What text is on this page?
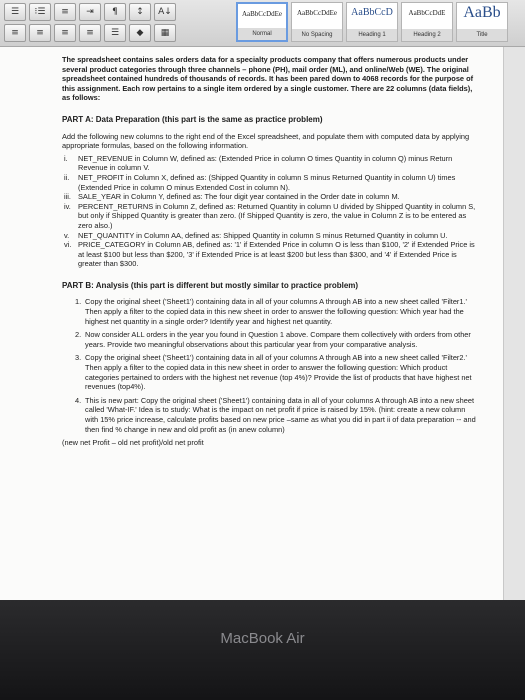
☰	⁝☰	≡	⇥	¶	↕	A↓
≡	≡	≡	≡	☰	◆	▦
AaBbCcDdEe
Normal
AaBbCcDdEe
No Spacing
AaBbCcD
Heading 1
AaBbCcDdE
Heading 2
AaBb
Title

The spreadsheet contains sales orders data for a specialty products company that offers numerous products under several product categories through three channels – phone (PH), mail order (ML), and online/Web (WE). The original spreadsheet contained hundreds of thousands of records. It has been pared down to 4068 records for the purpose of this assignment. Each row pertains to a single item ordered by a single customer. There are 22 columns (data fields), as follows:

PART A: Data Preparation (this part is the same as practice problem)

Add the following new columns to the right end of the Excel spreadsheet, and populate them with computed data by applying appropriate formulas, based on the following information.

i. NET_REVENUE in Column W, defined as: (Extended Price in column O times Quantity in column Q) minus Return Revenue in column V.
ii. NET_PROFIT in Column X, defined as: (Shipped Quantity in column S minus Returned Quantity in column U) times (Extended Price in column O minus Extended Cost in column N).
iii. SALE_YEAR in Column Y, defined as: The four digit year contained in the Order date in column M.
iv. PERCENT_RETURNS in Column Z, defined as: Returned Quantity in column U divided by Shipped Quantity in column S, but only if Shipped Quantity is greater than zero. (If Shipped Quantity is zero, the value in Column Z is to be entered as zero also.)
v. NET_QUANTITY in Column AA, defined as: Shipped Quantity in column S minus Returned Quantity in column U.
vi. PRICE_CATEGORY in Column AB, defined as: '1' if Extended Price in column O is less than $100, '2' if Extended Price is at least $100 but less than $200, '3' if Extended Price is at least $200 but less than $300, and '4' if Extended Price is greater than $300.

PART B: Analysis (this part is different but mostly similar to practice problem)

1. Copy the original sheet ('Sheet1') containing data in all of your columns A through AB into a new sheet called 'Filter1.' Then apply a filter to the copied data in this new sheet in order to answer the following question: Which year had the highest net quantity in a single order? Identify year and highest net quantity.
2. Now consider ALL orders in the year you found in Question 1 above. Compare them collectively with orders from other years. Provide two meaningful observations about this particular year from your comparative analysis.
3. Copy the original sheet ('Sheet1') containing data in all of your columns A through AB into a new sheet called 'Filter2.' Then apply a filter to the copied data in this new sheet in order to answer the following question: Which product categories pertained to orders with the highest net revenue (top 4%)? Provide the list of products that have highest net revenues (top4%).
4. This is new part: Copy the original sheet ('Sheet1') containing data in all of your columns A through AB into a new sheet called 'What-IF.' Idea is to study: What is the impact on net profit if price is raised by 15%. (hint: create a new column with 15% price increase, calculate profits based on new price –same as what you did in part ii of data preparation -- and then find % change in new and old profit as (in anew column)

(new net Profit – old net profit)/old net profit

MacBook Air
